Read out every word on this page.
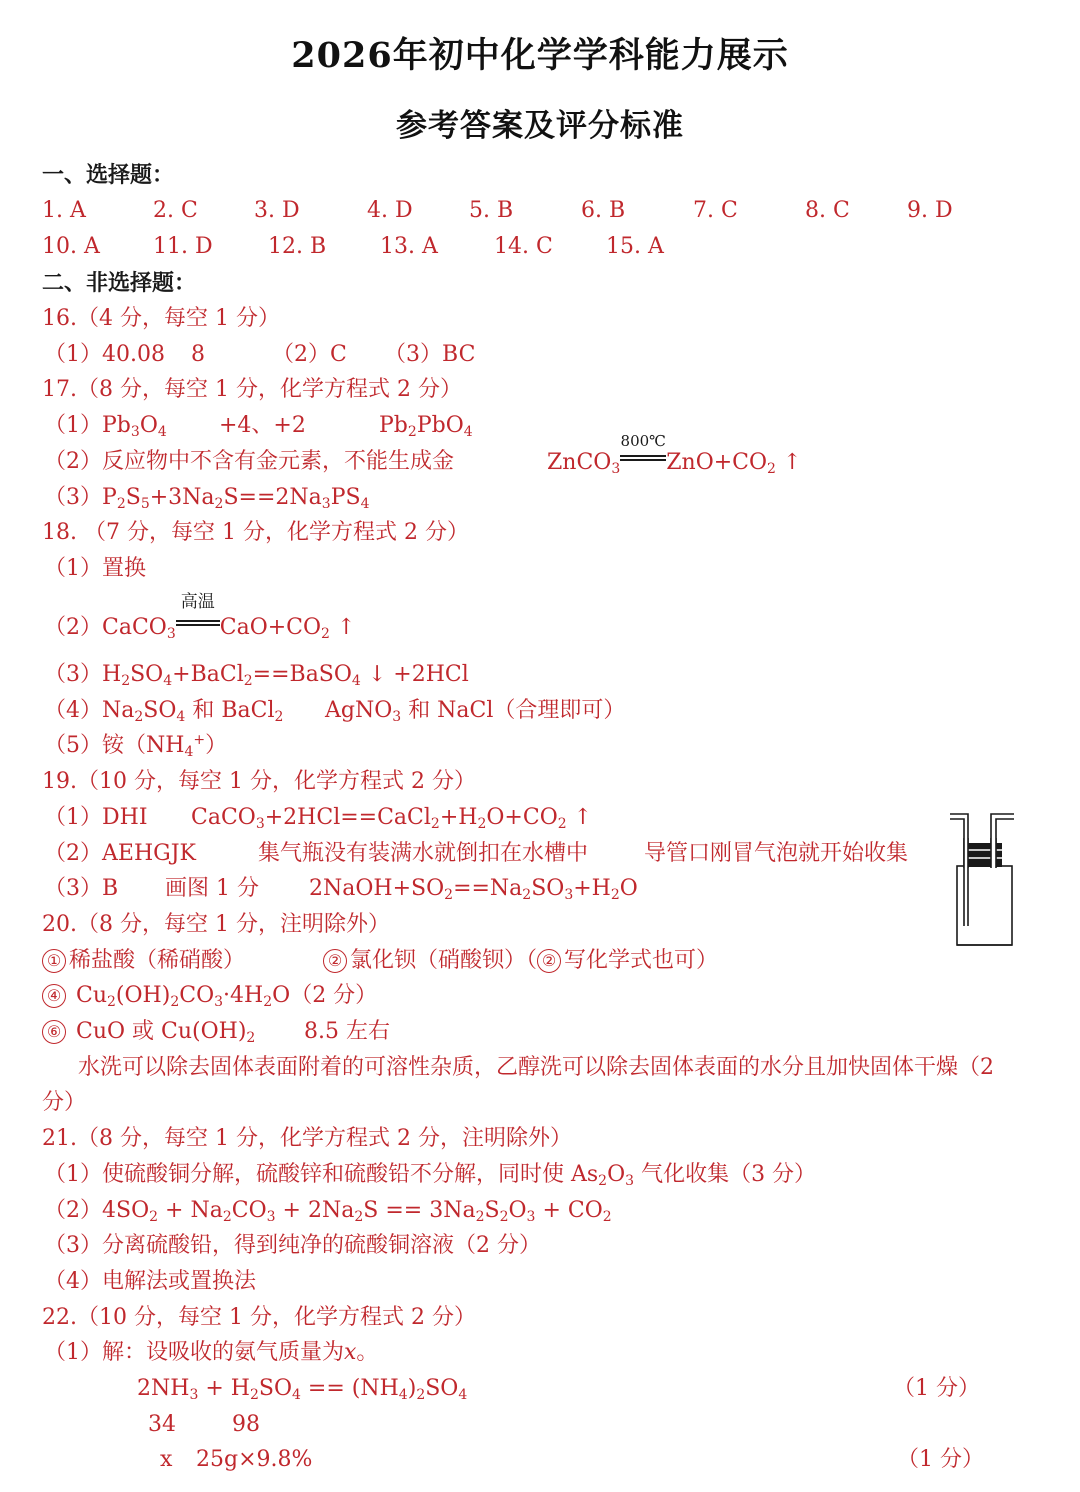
2026年初中化学学科能力展示
参考答案及评分标准
一、选择题：
1. A	2. C	3. D	4. D	5. B	6. B	7. C	8. C	9. D
10. A 11. D	12. B 13. A	14. C 15. A
二、非选择题：
16.（4 分，每空 1 分）
（1）40.08 8	（2）C （3）BC
17.（8 分，每空 1 分，化学方程式 2 分）
$(1)Pb_3O_4 +4$、+2	$Pb_2PbO_4$
（2）反应物中不含有金元素，不能生成金	ZnCO$_3$
800℃
$ZnO+CO_2$ ↑
$(3)P_2S_5+3Na_2S==2Na_3PS_4$
18. （7 分，每空 1 分，化学方程式 2 分）
（1）置换
（2）CaCO$_3$
高温
$CaO+CO_2$ ↑
$(3)H_2SO_4+BaCl_2==BaSO_4$ ↓ +2HCl
$(4)Na_2SO_4$ 和 BaCl$_2$ AgNO$_3$ 和 NaCl（合理即可）
（5）铵$(NH_4^+)$
19.（10 分，每空 1 分，化学方程式 2 分）
（1）DHI $CaCO_3+2HCl==CaCl_2+H_2O+CO_2$ ↑
（2）AEHGJK	集气瓶没有装满水就倒扣在水槽中	导管口刚冒气泡就开始收集
（3）B 画图 1 分 $2NaOH+SO_2==Na_2SO_3+H_2O$
20.（8 分，每空 1 分，注明除外）
① 稀盐酸（稀硝酸）	② 氯化钡（硝酸钡）（ ② 写化学式也可）
④ $Cu_2(OH)_2CO_3\cdot 4H_2O(2$ 分）
⑥ CuO 或 $Cu(OH)_2$ 8.5 左右
水洗可以除去固体表面附着的可溶性杂质，乙醇洗可以除去固体表面的水分且加快固体干燥（2
分）
21.（8 分，每空 1 分，化学方程式 2 分，注明除外）
（1）使硫酸铜分解，硫酸锌和硫酸铅不分解，同时使 $As_2O_3$ 气化收集（3 分）
$(2)4SO_2 + Na_2CO_3 + 2Na_2S == 3Na_2S_2O_3 + CO_2$
（3）分离硫酸铅，得到纯净的硫酸铜溶液（2 分）
（4）电解法或置换法
22.（10 分，每空 1 分，化学方程式 2 分）
（1）解：设吸收的氨气质量为x。
$2NH_3 + H_2SO_4 == (NH_4)_2SO_4$	（1 分）
34	98
x 25g×9.8%	（1 分）
